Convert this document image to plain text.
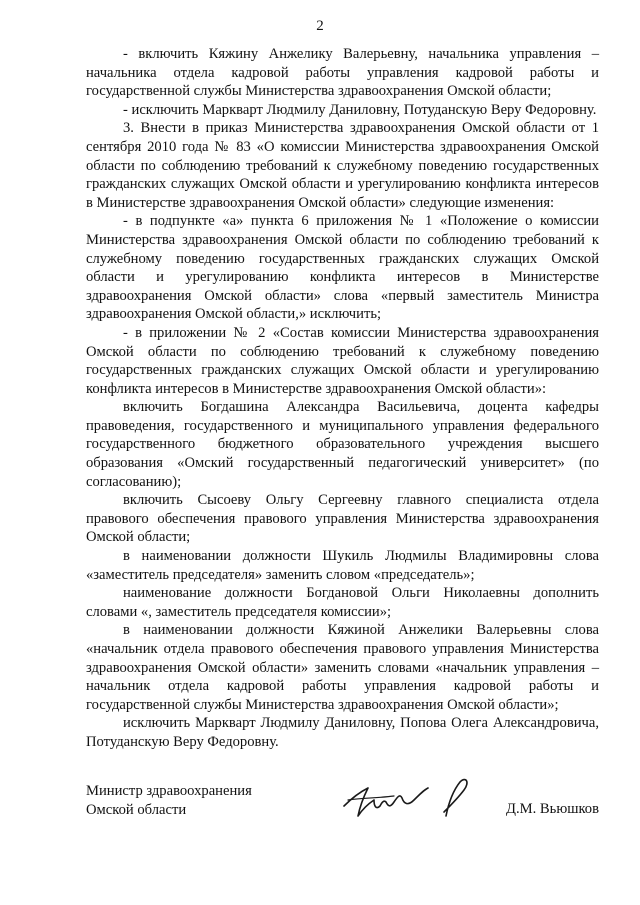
2

- включить Кяжину Анжелику Валерьевну, начальника управления – начальника отдела кадровой работы управления кадровой работы и государственной службы Министерства здравоохранения Омской области;

- исключить Маркварт Людмилу Даниловну, Потуданскую Веру Федоровну.

3. Внести в приказ Министерства здравоохранения Омской области от 1 сентября 2010 года № 83 «О комиссии Министерства здравоохранения Омской области по соблюдению требований к служебному поведению государственных гражданских служащих Омской области и урегулированию конфликта интересов в Министерстве здравоохранения Омской области» следующие изменения:

- в подпункте «а» пункта 6 приложения № 1 «Положение о комиссии Министерства здравоохранения Омской области по соблюдению требований к служебному поведению государственных гражданских служащих Омской области и урегулированию конфликта интересов в Министерстве здравоохранения Омской области» слова «первый заместитель Министра здравоохранения Омской области,» исключить;

- в приложении № 2 «Состав комиссии Министерства здравоохранения Омской области по соблюдению требований к служебному поведению государственных гражданских служащих Омской области и урегулированию конфликта интересов в Министерстве здравоохранения Омской области»:

включить Богдашина Александра Васильевича, доцента кафедры правоведения, государственного и муниципального управления федерального государственного бюджетного образовательного учреждения высшего образования «Омский государственный педагогический университет» (по согласованию);

включить Сысоеву Ольгу Сергеевну главного специалиста отдела правового обеспечения правового управления Министерства здравоохранения Омской области;

в наименовании должности Шукиль Людмилы Владимировны слова «заместитель председателя» заменить словом «председатель»;

наименование должности Богдановой Ольги Николаевны дополнить словами «, заместитель председателя комиссии»;

в наименовании должности Кяжиной Анжелики Валерьевны слова «начальник отдела правового обеспечения правового управления Министерства здравоохранения Омской области» заменить словами «начальник управления – начальник отдела кадровой работы управления кадровой работы и государственной службы Министерства здравоохранения Омской области»;

исключить Маркварт Людмилу Даниловну, Попова Олега Александровича, Потуданскую Веру Федоровну.

Министр здравоохранения
Омской области	Д.М. Вьюшков
